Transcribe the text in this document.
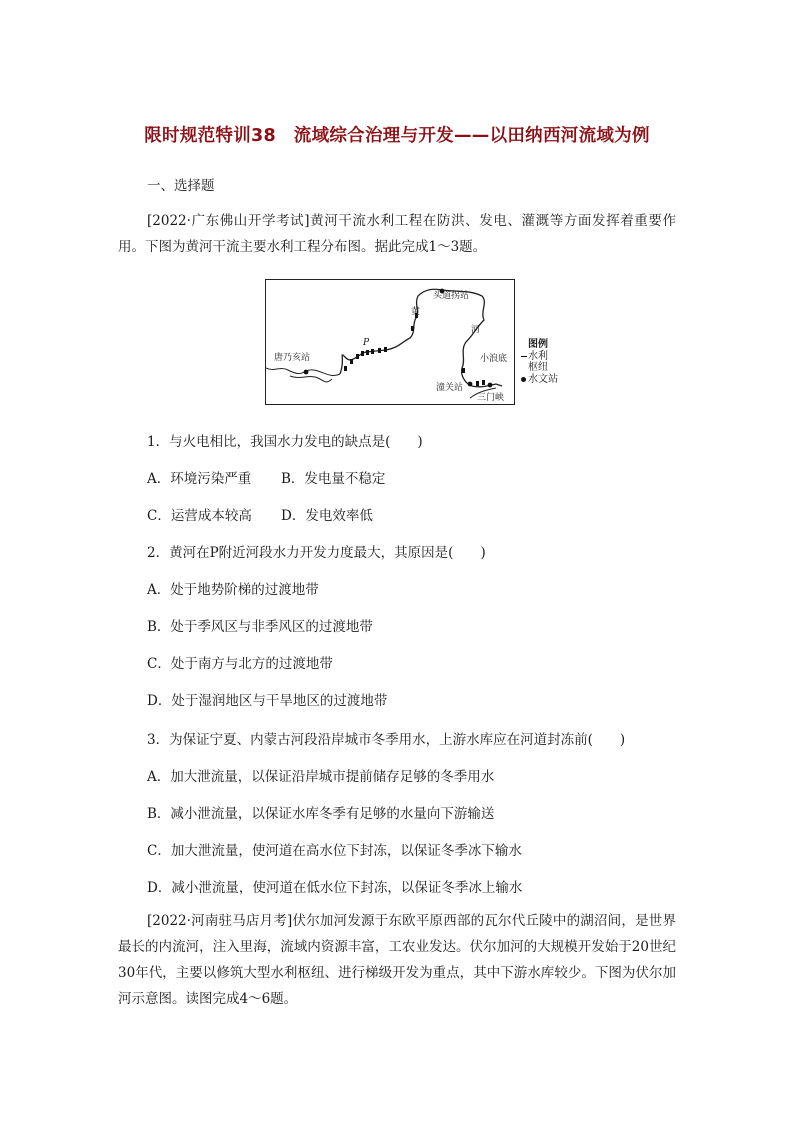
限时规范特训38　流域综合治理与开发——以田纳西河流域为例
一、选择题
[2022·广东佛山开学考试]黄河干流水利工程在防洪、发电、灌溉等方面发挥着重要作用。下图为黄河干流主要水利工程分布图。据此完成1～3题。
头道拐站
黄
河
唐乃亥站
P
小浪底
潼关站
三门峡
图例
水利
枢纽
水文站
1．与火电相比，我国水力发电的缺点是(　　)
A．环境污染严重 B．发电量不稳定
C．运营成本较高 D．发电效率低
2．黄河在P附近河段水力开发力度最大，其原因是(　　)
A．处于地势阶梯的过渡地带
B．处于季风区与非季风区的过渡地带
C．处于南方与北方的过渡地带
D．处于湿润地区与干旱地区的过渡地带
3．为保证宁夏、内蒙古河段沿岸城市冬季用水，上游水库应在河道封冻前(　　)
A．加大泄流量，以保证沿岸城市提前储存足够的冬季用水
B．减小泄流量，以保证水库冬季有足够的水量向下游输送
C．加大泄流量，使河道在高水位下封冻，以保证冬季冰下输水
D．减小泄流量，使河道在低水位下封冻，以保证冬季冰上输水
[2022·河南驻马店月考]伏尔加河发源于东欧平原西部的瓦尔代丘陵中的湖沼间，是世界最长的内流河，注入里海，流域内资源丰富，工农业发达。伏尔加河的大规模开发始于20世纪30年代，主要以修筑大型水利枢纽、进行梯级开发为重点，其中下游水库较少。下图为伏尔加河示意图。读图完成4～6题。
